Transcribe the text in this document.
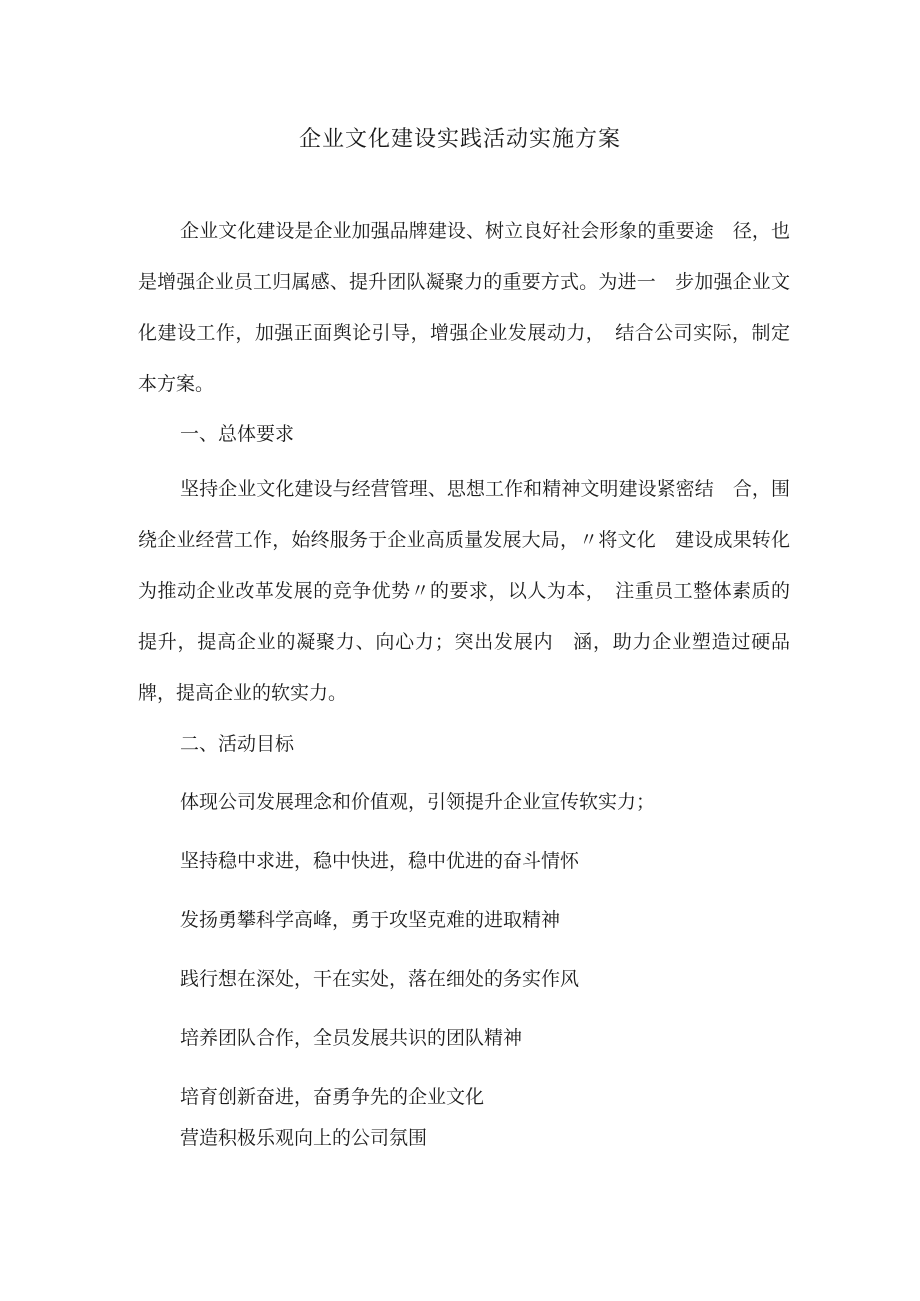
企业文化建设实践活动实施方案

企业文化建设是企业加强品牌建设、树立良好社会形象的重要途　径，也是增强企业员工归属感、提升团队凝聚力的重要方式。为进一　步加强企业文化建设工作，加强正面舆论引导，增强企业发展动力，　结合公司实际，制定本方案。

一、总体要求

坚持企业文化建设与经营管理、思想工作和精神文明建设紧密结　合，围绕企业经营工作，始终服务于企业高质量发展大局，〃将文化　建设成果转化为推动企业改革发展的竞争优势〃的要求，以人为本，　注重员工整体素质的提升，提高企业的凝聚力、向心力；突出发展内　涵，助力企业塑造过硬品牌，提高企业的软实力。

二、活动目标

体现公司发展理念和价值观，引领提升企业宣传软实力；

坚持稳中求进，稳中快进，稳中优进的奋斗情怀

发扬勇攀科学高峰，勇于攻坚克难的进取精神

践行想在深处，干在实处，落在细处的务实作风

培养团队合作，全员发展共识的团队精神

培育创新奋进，奋勇争先的企业文化

营造积极乐观向上的公司氛围
